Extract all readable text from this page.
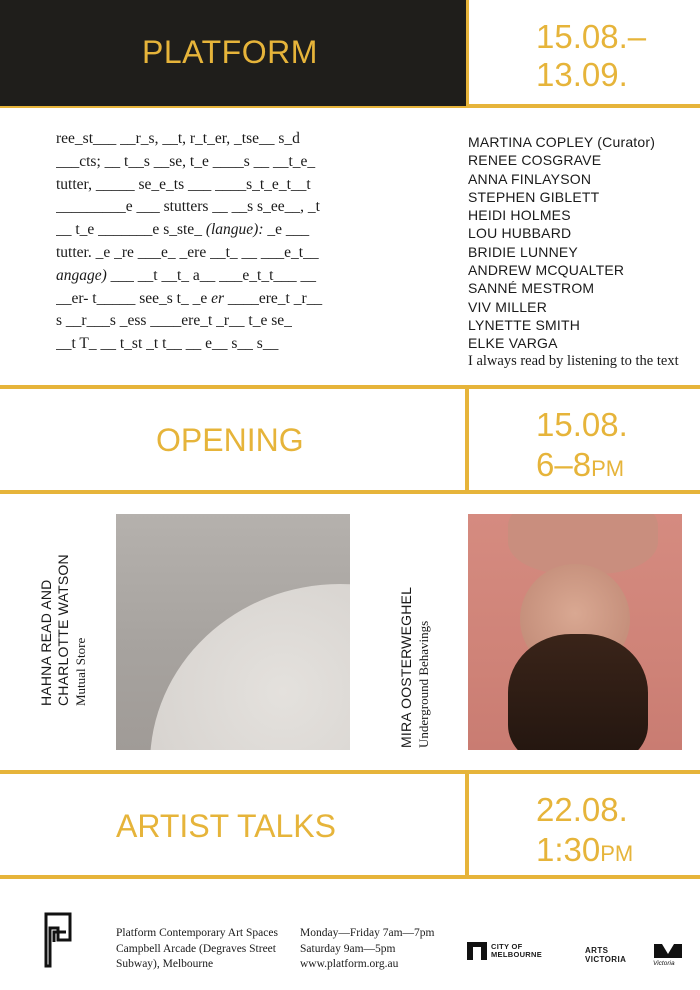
PLATFORM	15.08.–
13.09.
ree_st___ __r_s, __t, r_t_er, _tse__ s_d
___cts; __ t__s __se, t_e ____s __ __t_e_
tutter, _____ se_e_ts ___ ____s_t_e_t__t
_________e ___ stutters __ __s s_ee__, _t
__ t_e _______e s_ste_ (langue): _e ___
tutter. _e _re ___e_ _ere __t_ __ ___e_t__
angage) ___ __t __t_ a__ ___e_t_t___ __
__er- t_____ see_s t_ _e er ____ere_t _r__
s __r___s _ess ____ere_t _r__ t_e se_
__t T_ __ t_st _t t__ __ e__ s__ s__
MARTINA COPLEY (Curator)
RENEE COSGRAVE
ANNA FINLAYSON
STEPHEN GIBLETT
HEIDI HOLMES
LOU HUBBARD
BRIDIE LUNNEY
ANDREW MCQUALTER
SANNÉ MESTROM
VIV MILLER
LYNETTE SMITH
ELKE VARGA
I always read by listening to the text
OPENING	15.08.
6–8PM
HAHNA READ AND CHARLOTTE WATSON Mutual Store	MIRA OOSTERWEGHEL Underground Behavings
ARTIST TALKS	22.08.
1:30PM
Platform Contemporary Art Spaces
Campbell Arcade (Degraves Street
Subway), Melbourne
Monday—Friday 7am—7pm
Saturday 9am—5pm
www.platform.org.au
CITY OF
MELBOURNE	ARTS
VICTORIA	Victoria
